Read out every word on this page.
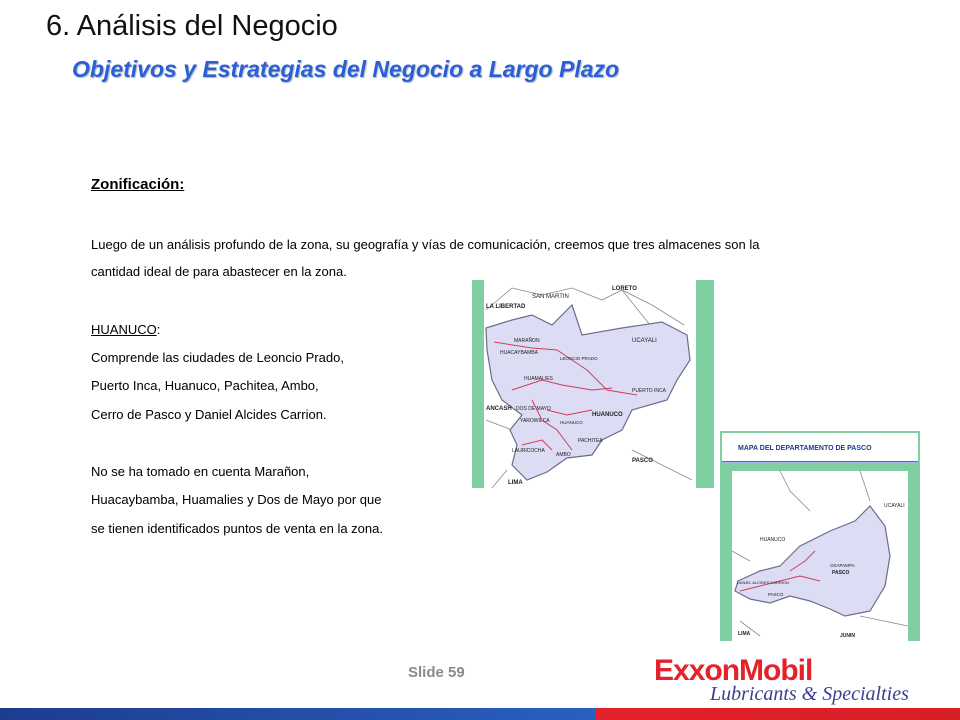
6. Análisis del Negocio
Objetivos y Estrategias del Negocio a Largo Plazo
Zonificación:
Luego de un análisis profundo de la zona, su geografía y vías de comunicación, creemos que tres almacenes son la
cantidad ideal de para abastecer en la zona.
HUANUCO:
Comprende las ciudades de Leoncio Prado,
Puerto Inca, Huanuco, Pachitea, Ambo,
Cerro de Pasco y Daniel Alcides Carrion.
No se ha tomado en cuenta Marañon,
Huacaybamba, Huamalies y Dos de Mayo por que
se tienen identificados puntos de venta en la zona.
SAN MARTIN
LORETO
LA LIBERTAD
MARAÑON
HUACAYBAMBA
LEONCIO PRADO
UCAYALI
HUAMALIES
PUERTO INCA
ANCASH DOS DE MAYO
HUANUCO
YAROWILCA HUANUCO
PACHITEA
LAURICOCHA
AMBO
PASCO
LIMA
MAPA DEL DEPARTAMENTO DE PASCO
UCAYALI
HUANUCO
OXAPAMPA
PASCO
DANIEL ALCIDES CARRION
PASCO
LIMA	JUNIN
Slide 59	ExxonMobil
Lubricants & Specialties
